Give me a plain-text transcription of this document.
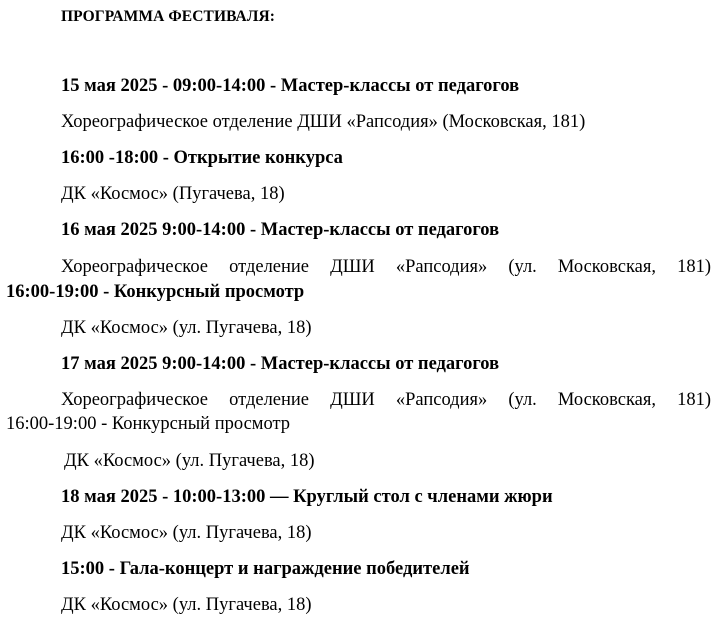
ПРОГРАММА ФЕСТИВАЛЯ:
15 мая 2025 - 09:00-14:00 - Мастер-классы от педагогов
Хореографическое отделение ДШИ «Рапсодия» (Московская, 181)
16:00 -18:00 - Открытие конкурса
ДК «Космос» (Пугачева, 18)
16 мая 2025 9:00-14:00 - Мастер-классы от педагогов
Хореографическое отделение ДШИ «Рапсодия» (ул. Московская, 181)
16:00-19:00 - Конкурсный просмотр
ДК «Космос» (ул. Пугачева, 18)
17 мая 2025 9:00-14:00 - Мастер-классы от педагогов
Хореографическое отделение ДШИ «Рапсодия» (ул. Московская, 181)
16:00-19:00 - Конкурсный просмотр
ДК «Космос» (ул. Пугачева, 18)
18 мая 2025 - 10:00-13:00 — Круглый стол с членами жюри
ДК «Космос» (ул. Пугачева, 18)
15:00 - Гала-концерт и награждение победителей
ДК «Космос» (ул. Пугачева, 18)
